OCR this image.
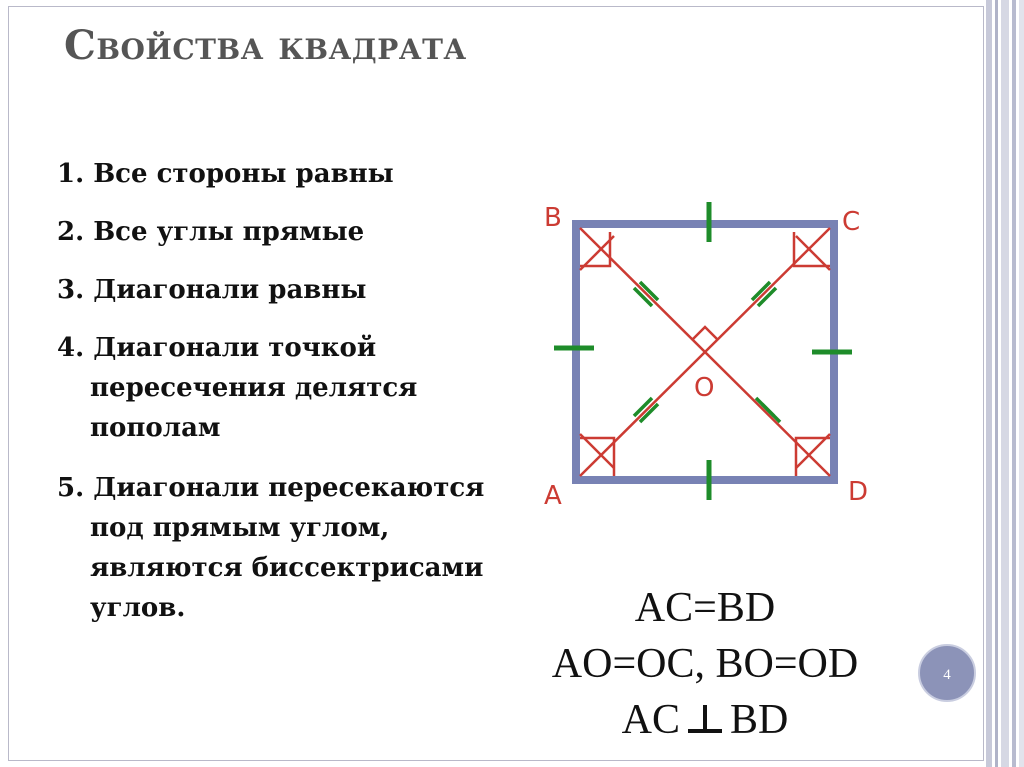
Свойства квадрата
1. Все стороны равны
2. Все углы прямые
3. Диагонали равны
4. Диагонали точкой пересечения делятся пополам
5. Диагонали пересекаются под прямым углом, являются биссектрисами углов.
B	C
A	D
O
AC=BD
AO=OC, BO=OD
AC BD
4
